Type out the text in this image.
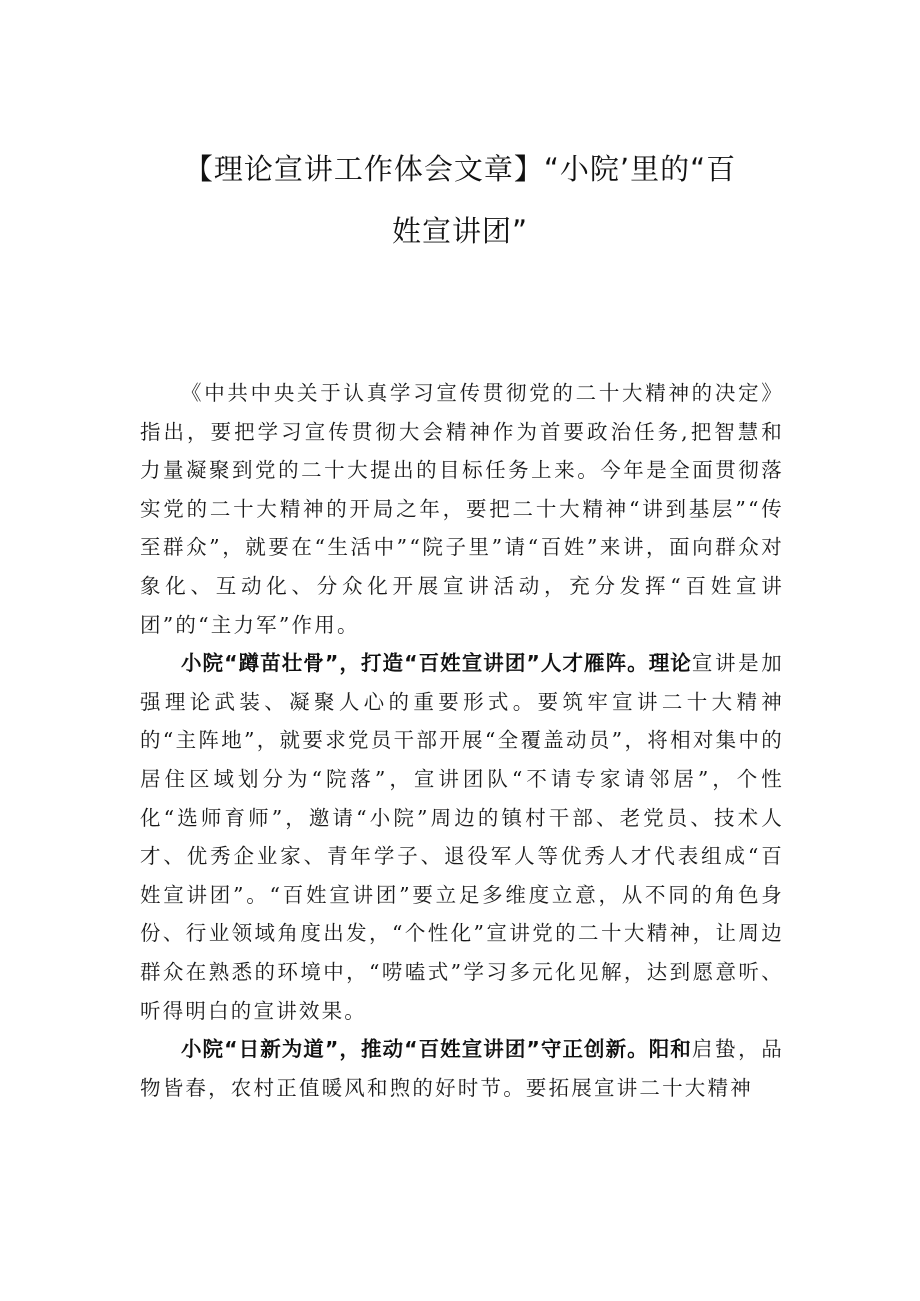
【理论宣讲工作体会文章】“小院’里的“百
姓宣讲团”

《中共中央关于认真学习宣传贯彻党的二十大精神的决定》指出，要把学习宣传贯彻大会精神作为首要政治任务,把智慧和力量凝聚到党的二十大提出的目标任务上来。今年是全面贯彻落实党的二十大精神的开局之年，要把二十大精神“讲到基层”“传至群众”，就要在“生活中”“院子里”请“百姓”来讲，面向群众对象化、互动化、分众化开展宣讲活动，充分发挥“百姓宣讲团”的“主力军”作用。

小院“蹲苗壮骨”，打造“百姓宣讲团”人才雁阵。理论宣讲是加强理论武装、凝聚人心的重要形式。要筑牢宣讲二十大精神的“主阵地”，就要求党员干部开展“全覆盖动员”，将相对集中的居住区域划分为“院落”，宣讲团队“不请专家请邻居”，个性化“选师育师”，邀请“小院”周边的镇村干部、老党员、技术人才、优秀企业家、青年学子、退役军人等优秀人才代表组成“百姓宣讲团”。“百姓宣讲团”要立足多维度立意，从不同的角色身份、行业领域角度出发，“个性化”宣讲党的二十大精神，让周边群众在熟悉的环境中，“唠嗑式”学习多元化见解，达到愿意听、听得明白的宣讲效果。

小院“日新为道”，推动“百姓宣讲团”守正创新。阳和启蛰，品物皆春，农村正值暖风和煦的好时节。要拓展宣讲二十大精神
